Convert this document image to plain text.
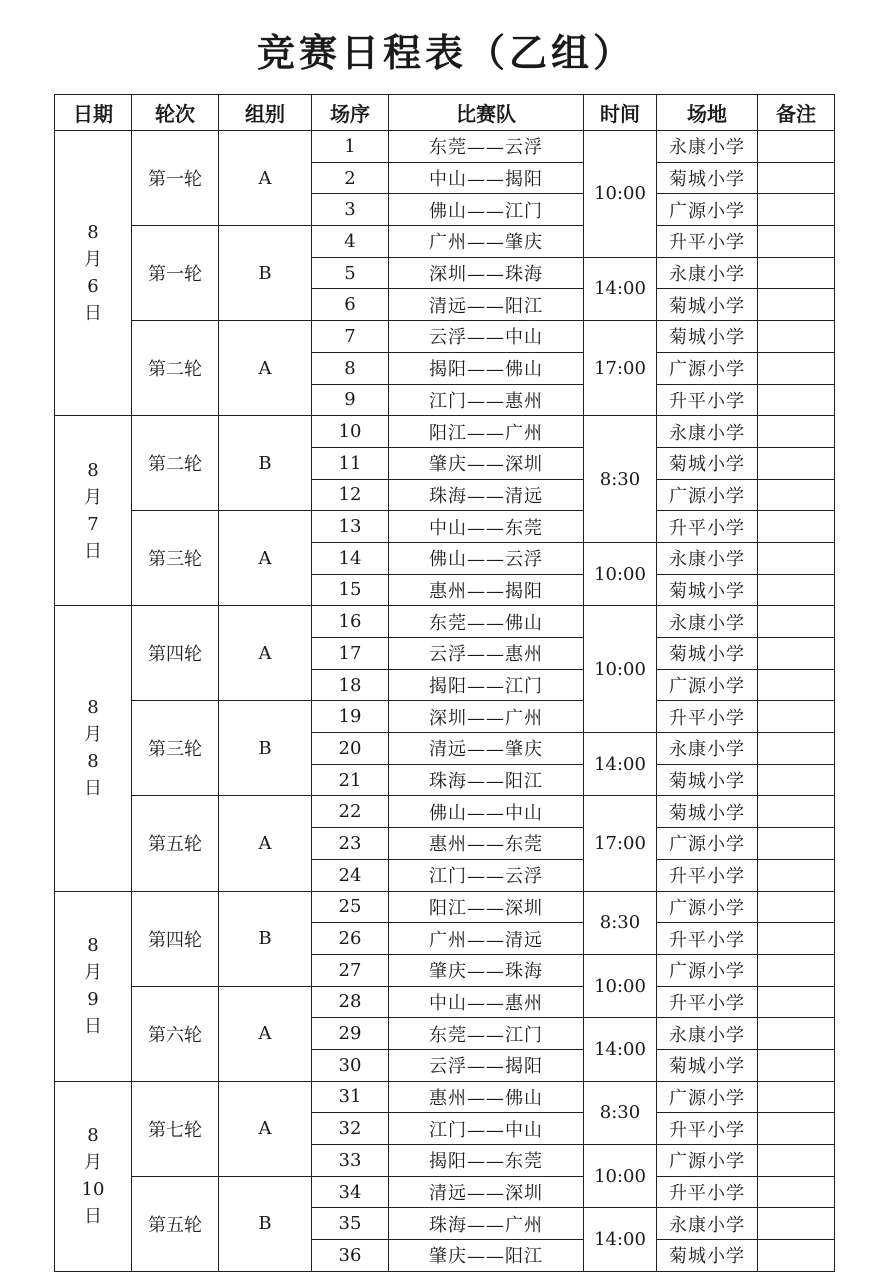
竞赛日程表（乙组）
日期	轮次	组别	场序	比赛队	时间	场地	备注

8
月
6
日	第一轮	A	1	东莞——云浮	10:00	永康小学	
			2	中山——揭阳		菊城小学	
			3	佛山——江门		广源小学	
	第一轮	B	4	广州——肇庆		升平小学	
			5	深圳——珠海	14:00	永康小学	
			6	清远——阳江		菊城小学	
	第二轮	A	7	云浮——中山	17:00	菊城小学	
			8	揭阳——佛山		广源小学	
			9	江门——惠州		升平小学	

8
月
7
日	第二轮	B	10	阳江——广州	8:30	永康小学	
			11	肇庆——深圳		菊城小学	
			12	珠海——清远		广源小学	
	第三轮	A	13	中山——东莞		升平小学	
			14	佛山——云浮	10:00	永康小学	
			15	惠州——揭阳		菊城小学	

8
月
8
日	第四轮	A	16	东莞——佛山	10:00	永康小学	
			17	云浮——惠州		菊城小学	
			18	揭阳——江门		广源小学	
	第三轮	B	19	深圳——广州		升平小学	
			20	清远——肇庆	14:00	永康小学	
			21	珠海——阳江		菊城小学	
	第五轮	A	22	佛山——中山	17:00	菊城小学	
			23	惠州——东莞		广源小学	
			24	江门——云浮		升平小学	

8
月
9
日	第四轮	B	25	阳江——深圳	8:30	广源小学	
			26	广州——清远		升平小学	
			27	肇庆——珠海	10:00	广源小学	
	第六轮	A	28	中山——惠州		升平小学	
			29	东莞——江门	14:00	永康小学	
			30	云浮——揭阳		菊城小学	

8
月
10
日	第七轮	A	31	惠州——佛山	8:30	广源小学	
			32	江门——中山		升平小学	
			33	揭阳——东莞	10:00	广源小学	
	第五轮	B	34	清远——深圳		升平小学	
			35	珠海——广州	14:00	永康小学	
			36	肇庆——阳江		菊城小学	
